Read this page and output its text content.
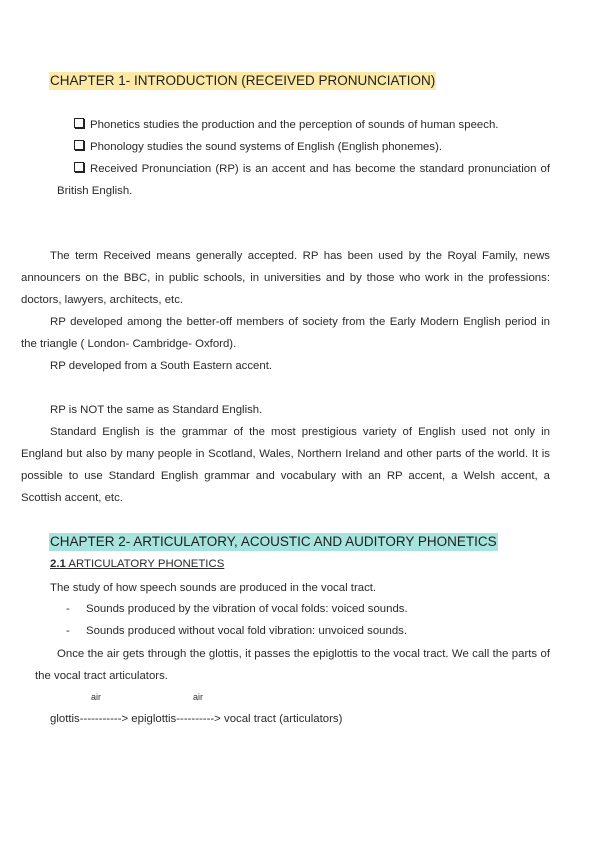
CHAPTER 1- INTRODUCTION (RECEIVED PRONUNCIATION)

Phonetics studies the production and the perception of sounds of human speech.

Phonology studies the sound systems of English (English phonemes).

Received Pronunciation (RP) is an accent and has become the standard pronunciation of British English.

The term Received means generally accepted. RP has been used by the Royal Family, news announcers on the BBC, in public schools, in universities and by those who work in the professions: doctors, lawyers, architects, etc.

RP developed among the better-off members of society from the Early Modern English period in the triangle ( London- Cambridge- Oxford).

RP developed from a South Eastern accent.

RP is NOT the same as Standard English.

Standard English is the grammar of the most prestigious variety of English used not only in England but also by many people in Scotland, Wales, Northern Ireland and other parts of the world. It is possible to use Standard English grammar and vocabulary with an RP accent, a Welsh accent, a Scottish accent, etc.

CHAPTER 2- ARTICULATORY, ACOUSTIC AND AUDITORY PHONETICS
2.1 ARTICULATORY PHONETICS
The study of how speech sounds are produced in the vocal tract.

- Sounds produced by the vibration of vocal folds: voiced sounds.

- Sounds produced without vocal fold vibration: unvoiced sounds.

Once the air gets through the glottis, it passes the epiglottis to the vocal tract. We call the parts of the vocal tract articulators.
air	air
glottis-----------> epiglottis----------> vocal tract (articulators)
